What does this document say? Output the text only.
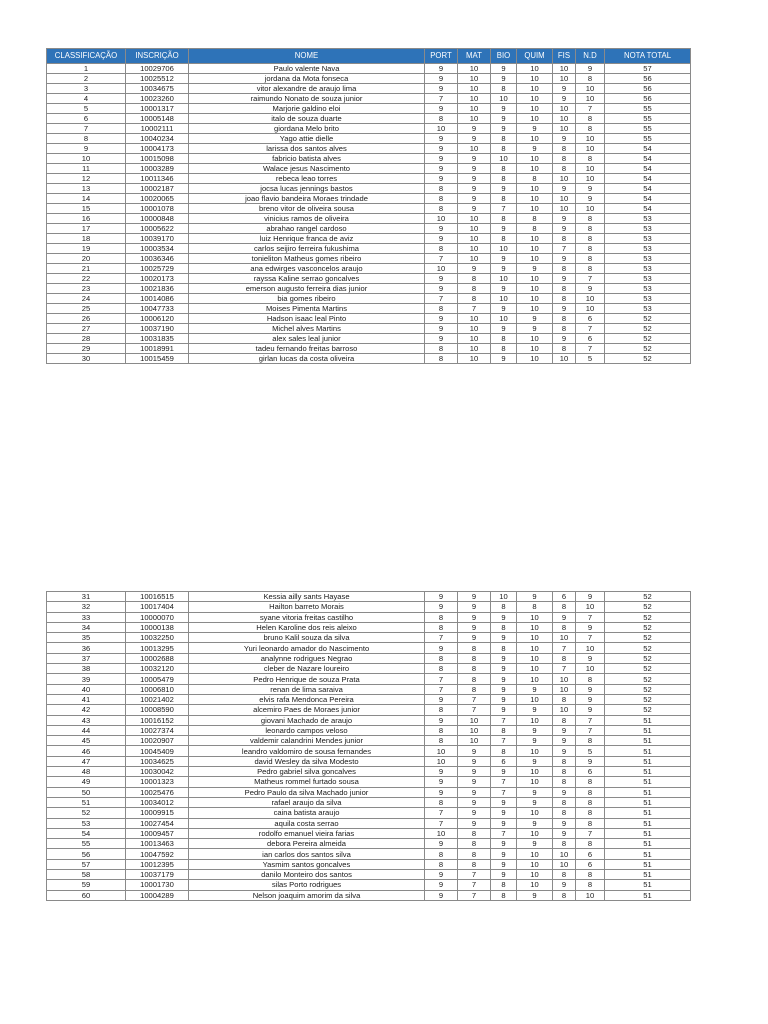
CLASSIFICAÇÃO	INSCRIÇÃO	NOME	PORT	MAT	BIO	QUIM	FIS	N.D	NOTA TOTAL
1	10029706	Paulo valente Nava	9	10	9	10	10	9	57
2	10025512	jordana da Mota fonseca	9	10	9	10	10	8	56
3	10034675	vitor alexandre de araujo lima	9	10	8	10	9	10	56
4	10023260	raimundo Nonato de souza junior	7	10	10	10	9	10	56
5	10001317	Marjorie galdino eloi	9	10	9	10	10	7	55
6	10005148	italo de souza duarte	8	10	9	10	10	8	55
7	10002111	giordana Melo brito	10	9	9	9	10	8	55
8	10040234	Yago attie dielle	9	9	8	10	9	10	55
9	10004173	larissa dos santos alves	9	10	8	9	8	10	54
10	10015098	fabricio batista alves	9	9	10	10	8	8	54
11	10003289	Walace jesus Nascimento	9	9	8	10	8	10	54
12	10011346	rebeca leao torres	9	9	8	8	10	10	54
13	10002187	jocsa lucas jennings bastos	8	9	9	10	9	9	54
14	10020065	joao flavio bandeira Moraes trindade	8	9	8	10	10	9	54
15	10001078	breno vitor de oliveira sousa	8	9	7	10	10	10	54
16	10000848	vinicius ramos de oliveira	10	10	8	8	9	8	53
17	10005622	abrahao rangel cardoso	9	10	9	8	9	8	53
18	10039170	luiz Henrique franca de aviz	9	10	8	10	8	8	53
19	10003534	carlos seijiro ferreira fukushima	8	10	10	10	7	8	53
20	10036346	tonieliton Matheus gomes ribeiro	7	10	9	10	9	8	53
21	10025729	ana edwirges vasconcelos araujo	10	9	9	9	8	8	53
22	10020173	rayssa Kaline serrao goncalves	9	8	10	10	9	7	53
23	10021836	emerson augusto ferreira dias junior	9	8	9	10	8	9	53
24	10014086	bia gomes ribeiro	7	8	10	10	8	10	53
25	10047733	Moises Pimenta Martins	8	7	9	10	9	10	53
26	10006120	Hadson isaac leal Pinto	9	10	10	9	8	6	52
27	10037190	Michel alves Martins	9	10	9	9	8	7	52
28	10031835	alex sales leal junior	9	10	8	10	9	6	52
29	10018991	tadeu fernando freitas barroso	8	10	8	10	8	7	52
30	10015459	girlan lucas da costa oliveira	8	10	9	10	10	5	52
31	10016515	Kessia ailly sants Hayase	9	9	10	9	6	9	52
32	10017404	Hailton barreto Morais	9	9	8	8	8	10	52
33	10000070	syane vitoria freitas castilho	8	9	9	10	9	7	52
34	10000138	Helen Karoline dos reis aleixo	8	9	8	10	8	9	52
35	10032250	bruno Kalil souza da silva	7	9	9	10	10	7	52
36	10013295	Yuri leonardo amador do Nascimento	9	8	8	10	7	10	52
37	10002688	analynne rodrigues Negrao	8	8	9	10	8	9	52
38	10032120	cleber de Nazare loureiro	8	8	9	10	7	10	52
39	10005479	Pedro Henrique de souza Prata	7	8	9	10	10	8	52
40	10006810	renan de lima saraiva	7	8	9	9	10	9	52
41	10021402	elvis rafa Mendonca Pereira	9	7	9	10	8	9	52
42	10008590	alcemiro Paes de Moraes junior	8	7	9	9	10	9	52
43	10016152	giovani Machado de araujo	9	10	7	10	8	7	51
44	10027374	leonardo campos veloso	8	10	8	9	9	7	51
45	10020907	valdemir calandrini Mendes junior	8	10	7	9	9	8	51
46	10045409	leandro valdomiro de sousa fernandes	10	9	8	10	9	5	51
47	10034625	david Wesley da silva Modesto	10	9	6	9	8	9	51
48	10030042	Pedro gabriel silva goncalves	9	9	9	10	8	6	51
49	10001323	Matheus rommel furtado sousa	9	9	7	10	8	8	51
50	10025476	Pedro Paulo da silva Machado junior	9	9	7	9	9	8	51
51	10034012	rafael araujo da silva	8	9	9	9	8	8	51
52	10009915	caina batista araujo	7	9	9	10	8	8	51
53	10027454	aquila costa serrao	7	9	9	9	9	8	51
54	10009457	rodolfo emanuel vieira farias	10	8	7	10	9	7	51
55	10013463	debora Pereira almeida	9	8	9	9	8	8	51
56	10047592	ian carlos dos santos silva	8	8	9	10	10	6	51
57	10012395	Yasmim santos goncalves	8	8	9	10	10	6	51
58	10037179	danilo Monteiro dos santos	9	7	9	10	8	8	51
59	10001730	silas Porto rodrigues	9	7	8	10	9	8	51
60	10004289	Nelson joaquim amorim da silva	9	7	8	9	8	10	51
